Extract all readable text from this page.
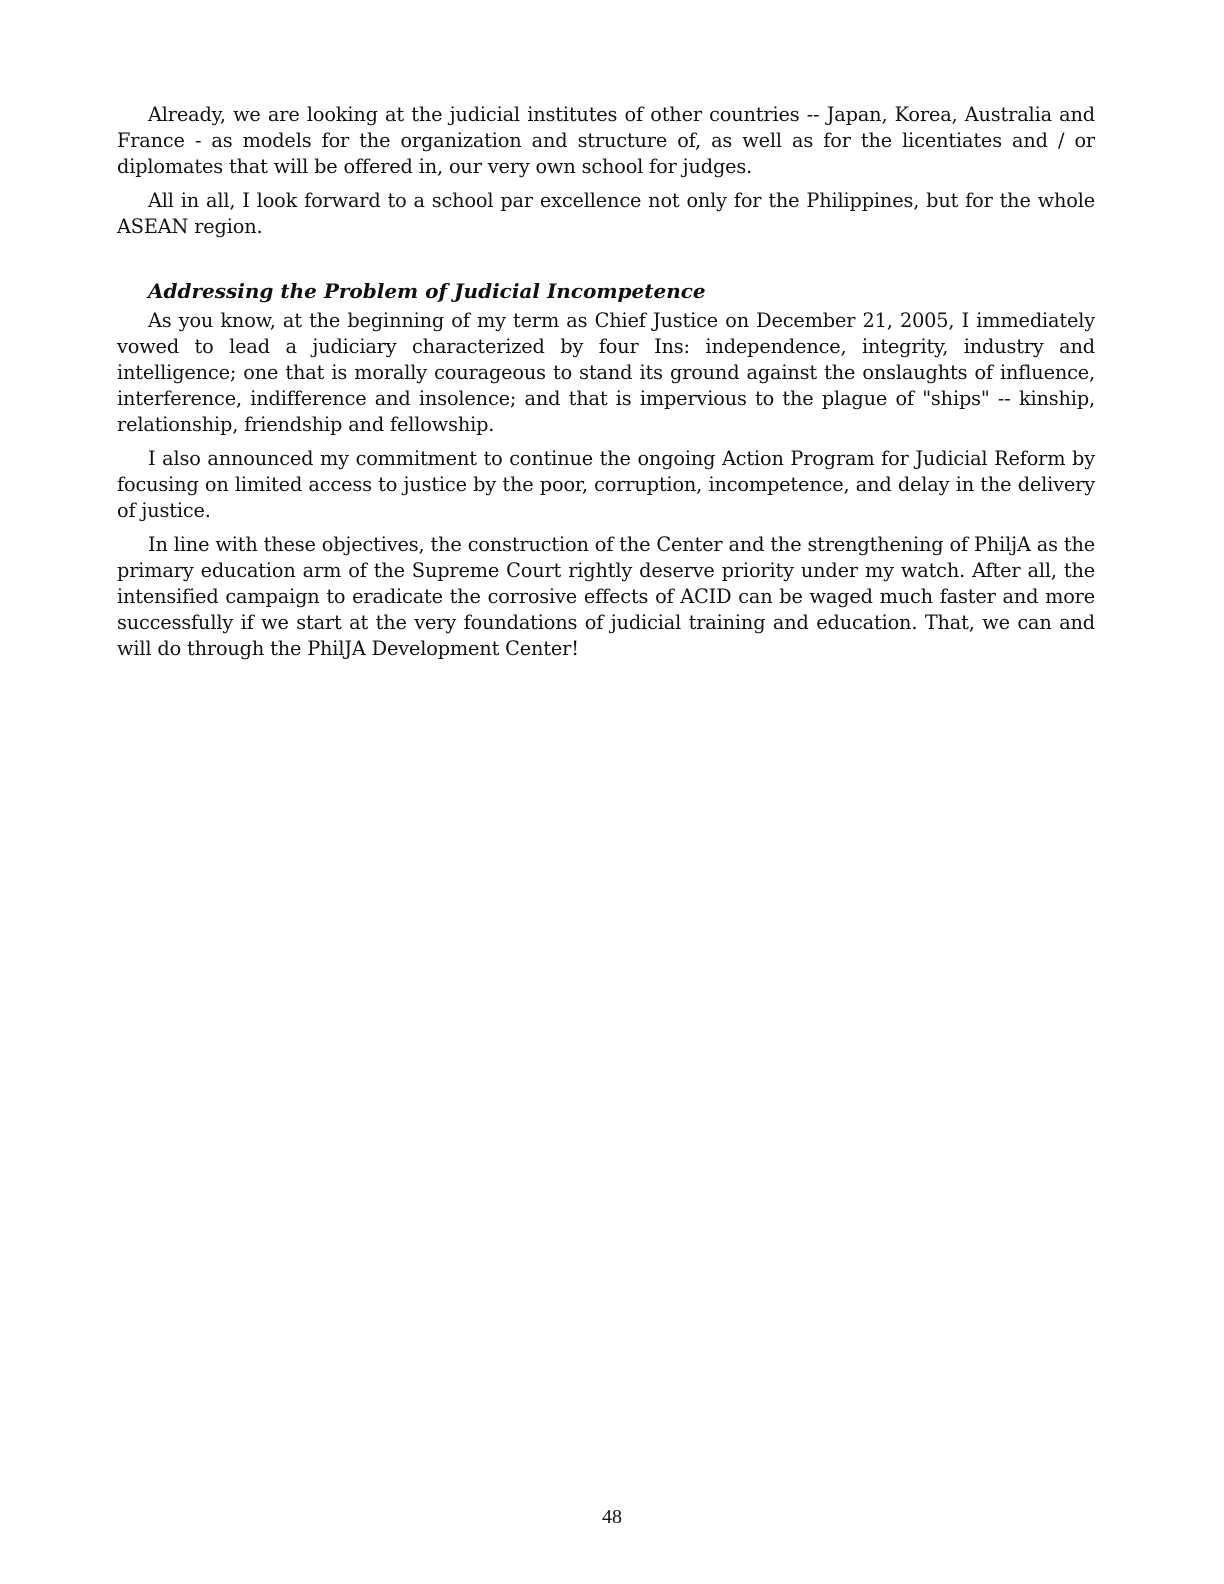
Already, we are looking at the judicial institutes of other countries -- Japan, Korea, Australia and France - as models for the organization and structure of, as well as for the licentiates and / or diplomates that will be offered in, our very own school for judges.

All in all, I look forward to a school par excellence not only for the Philippines, but for the whole ASEAN region.

Addressing the Problem of Judicial Incompetence

As you know, at the beginning of my term as Chief Justice on December 21, 2005, I immediately vowed to lead a judiciary characterized by four Ins: independence, integrity, industry and intelligence; one that is morally courageous to stand its ground against the onslaughts of influence, interference, indifference and insolence; and that is impervious to the plague of "ships" -- kinship, relationship, friendship and fellowship.

I also announced my commitment to continue the ongoing Action Program for Judicial Reform by focusing on limited access to justice by the poor, corruption, incompetence, and delay in the delivery of justice.

In line with these objectives, the construction of the Center and the strengthening of PhiljA as the primary education arm of the Supreme Court rightly deserve priority under my watch. After all, the intensified campaign to eradicate the corrosive effects of ACID can be waged much faster and more successfully if we start at the very foundations of judicial training and education. That, we can and will do through the PhilJA Development Center!

48
